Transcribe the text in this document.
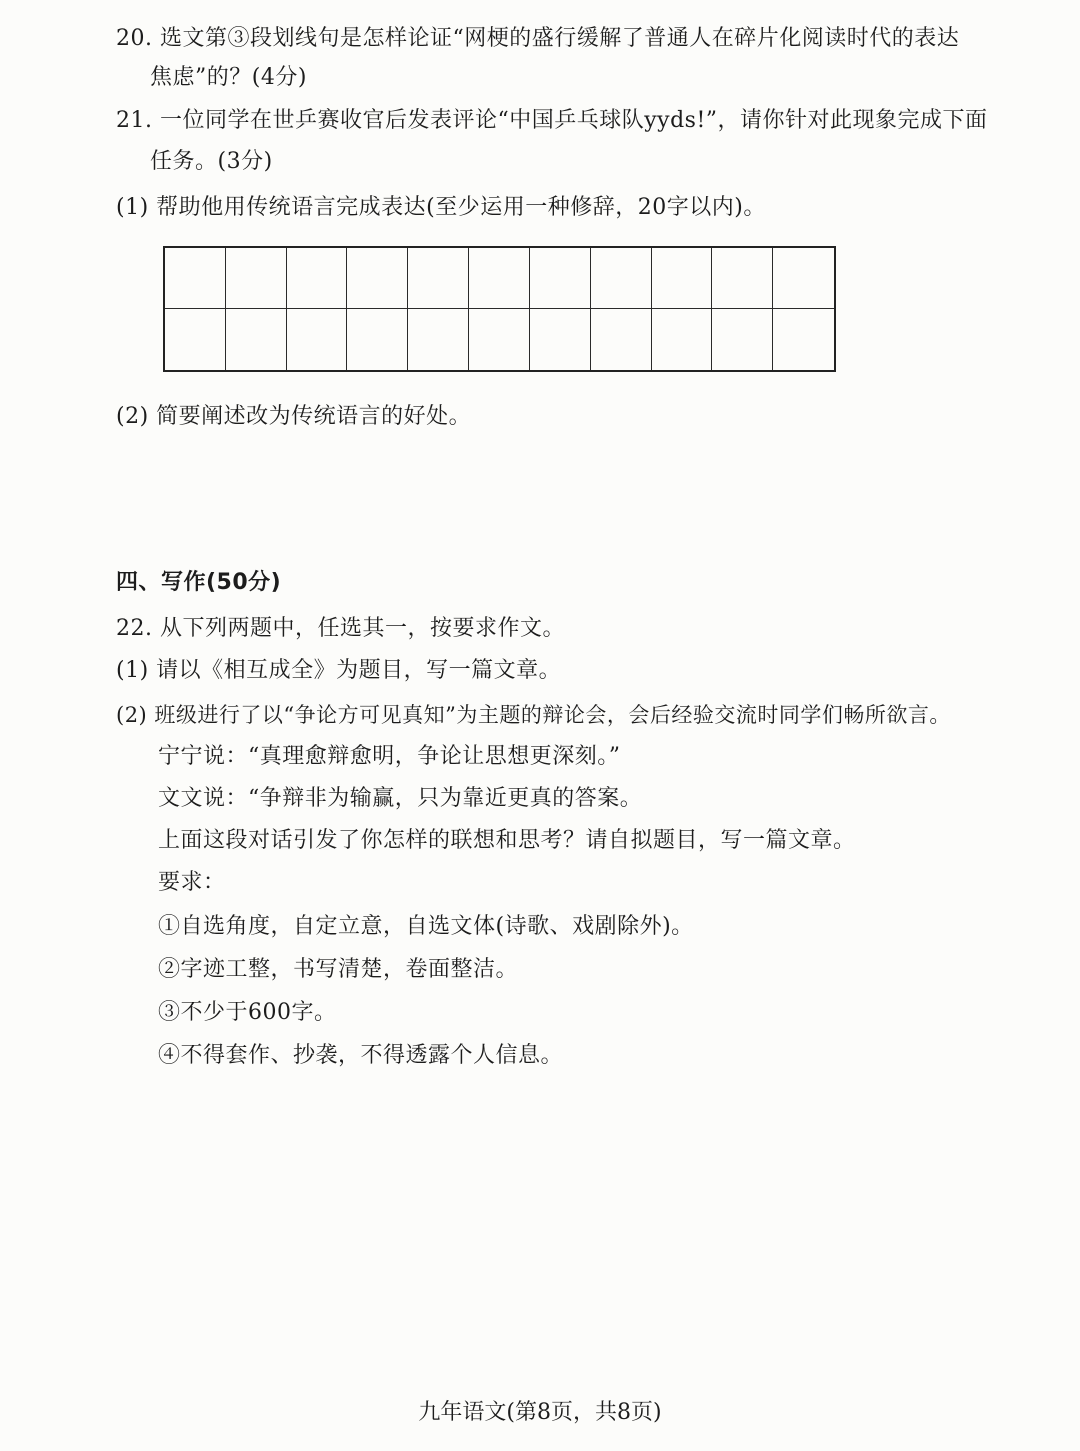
20. 选文第③段划线句是怎样论证“网梗的盛行缓解了普通人在碎片化阅读时代的表达
焦虑”的？(4分)
21. 一位同学在世乒赛收官后发表评论“中国乒乓球队yyds!”，请你针对此现象完成下面
任务。(3分)
(1) 帮助他用传统语言完成表达(至少运用一种修辞，20字以内)。
(2) 简要阐述改为传统语言的好处。
四、写作(50分)
22. 从下列两题中，任选其一，按要求作文。
(1) 请以《相互成全》为题目，写一篇文章。
(2) 班级进行了以“争论方可见真知”为主题的辩论会，会后经验交流时同学们畅所欲言。
宁宁说：“真理愈辩愈明，争论让思想更深刻。”
文文说：“争辩非为输赢，只为靠近更真的答案。
上面这段对话引发了你怎样的联想和思考？请自拟题目，写一篇文章。
要求：
①自选角度，自定立意，自选文体(诗歌、戏剧除外)。
②字迹工整，书写清楚，卷面整洁。
③不少于600字。
④不得套作、抄袭，不得透露个人信息。
九年语文(第8页，共8页)
